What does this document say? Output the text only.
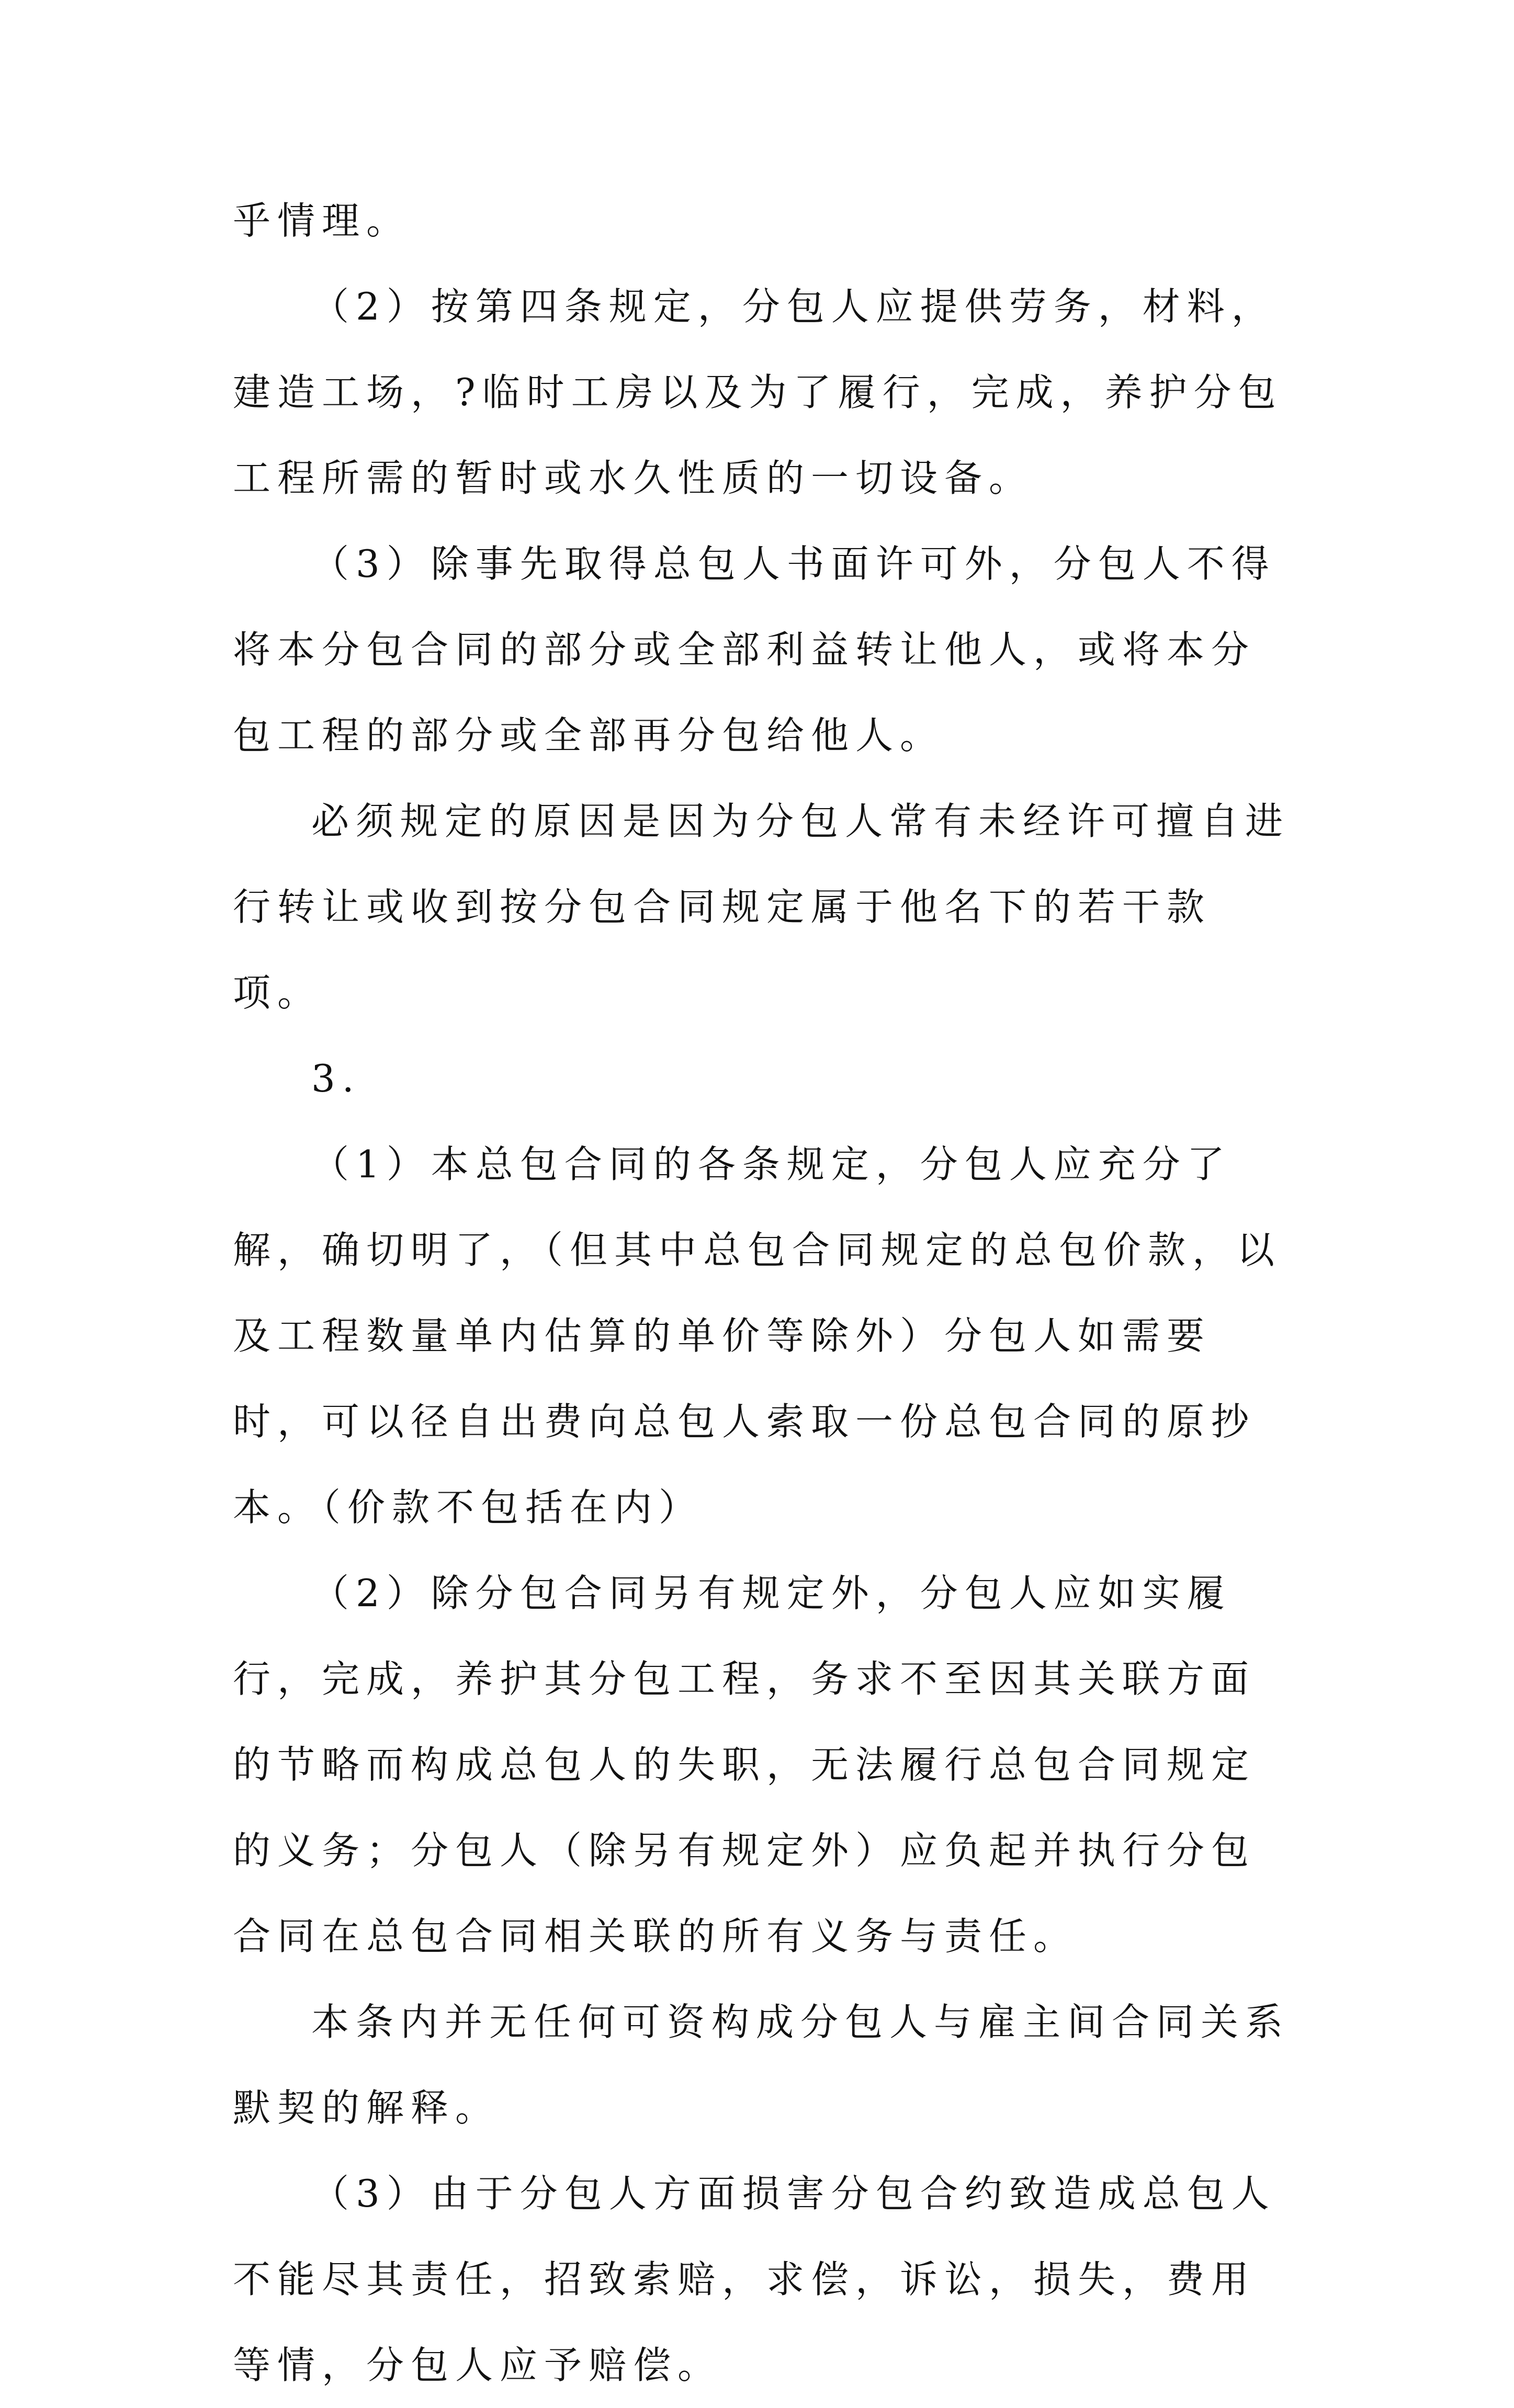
乎情理。

（2）按第四条规定，分包人应提供劳务，材料，建造工场，?临时工房以及为了履行，完成，养护分包工程所需的暂时或水久性质的一切设备。

（3）除事先取得总包人书面许可外，分包人不得将本分包合同的部分或全部利益转让他人，或将本分包工程的部分或全部再分包给他人。

必须规定的原因是因为分包人常有未经许可擅自进行转让或收到按分包合同规定属于他名下的若干款项。

3.

（1）本总包合同的各条规定，分包人应充分了解，确切明了，（但其中总包合同规定的总包价款，以及工程数量单内估算的单价等除外）分包人如需要时，可以径自出费向总包人索取一份总包合同的原抄本。（价款不包括在内）

（2）除分包合同另有规定外，分包人应如实履行，完成，养护其分包工程，务求不至因其关联方面的节略而构成总包人的失职，无法履行总包合同规定的义务；分包人（除另有规定外）应负起并执行分包合同在总包合同相关联的所有义务与责任。

本条内并无任何可资构成分包人与雇主间合同关系默契的解释。

（3）由于分包人方面损害分包合约致造成总包人不能尽其责任，招致索赔，求偿，诉讼，损失，费用等情，分包人应予赔偿。
